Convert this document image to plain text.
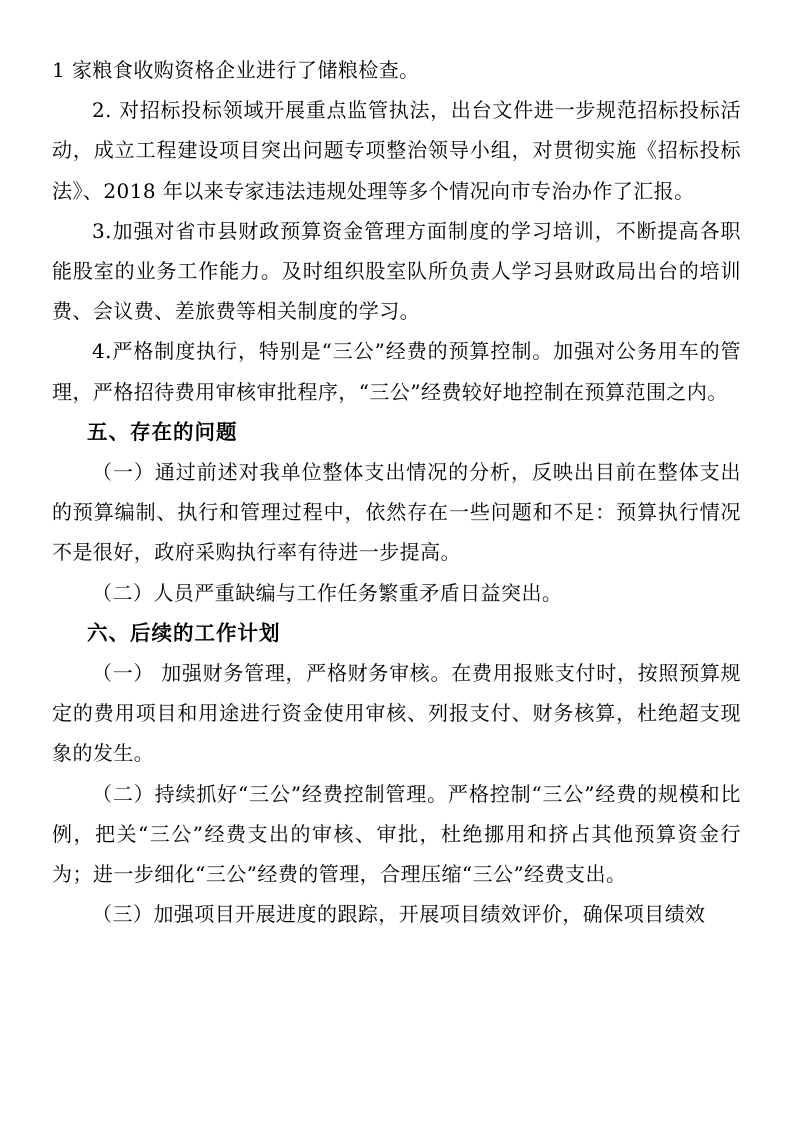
1 家粮食收购资格企业进行了储粮检查。

2. 对招标投标领域开展重点监管执法，出台文件进一步规范招标投标活动，成立工程建设项目突出问题专项整治领导小组，对贯彻实施《招标投标法》、2018 年以来专家违法违规处理等多个情况向市专治办作了汇报。

3.加强对省市县财政预算资金管理方面制度的学习培训，不断提高各职能股室的业务工作能力。及时组织股室队所负责人学习县财政局出台的培训费、会议费、差旅费等相关制度的学习。

4.严格制度执行，特别是“三公”经费的预算控制。加强对公务用车的管理，严格招待费用审核审批程序，“三公”经费较好地控制在预算范围之内。

五、存在的问题

（一）通过前述对我单位整体支出情况的分析，反映出目前在整体支出的预算编制、执行和管理过程中，依然存在一些问题和不足：预算执行情况不是很好，政府采购执行率有待进一步提高。

（二）人员严重缺编与工作任务繁重矛盾日益突出。

六、后续的工作计划

（一） 加强财务管理，严格财务审核。在费用报账支付时，按照预算规定的费用项目和用途进行资金使用审核、列报支付、财务核算，杜绝超支现象的发生。

（二）持续抓好“三公”经费控制管理。严格控制“三公”经费的规模和比例，把关“三公”经费支出的审核、审批，杜绝挪用和挤占其他预算资金行为；进一步细化“三公”经费的管理，合理压缩“三公”经费支出。

（三）加强项目开展进度的跟踪，开展项目绩效评价，确保项目绩效
